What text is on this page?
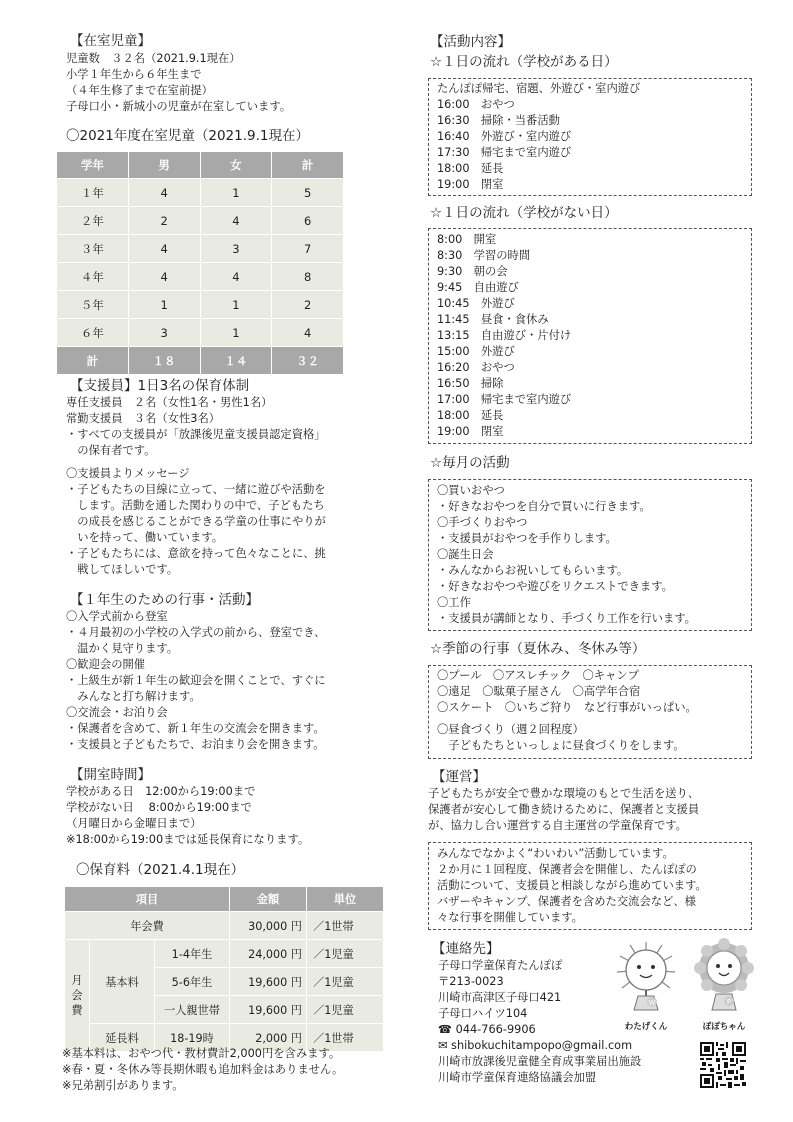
【在室児童】
児童数　３２名（2021.9.1現在）
小学１年生から６年生まで
（４年生修了まで在室前提）
子母口小・新城小の児童が在室しています。
〇2021年度在室児童（2021.9.1現在）
学年	男	女	計
１年	4	1	5
２年	2	4	6
３年	4	3	7
４年	4	4	8
５年	1	1	2
６年	3	1	4
計	１８	１４	３２
【支援員】1日3名の保育体制
専任支援員　２名（女性1名・男性1名）
常勤支援員　３名（女性3名）
・すべての支援員が「放課後児童支援員認定資格」
　の保有者です。
〇支援員よりメッセージ
・子どもたちの目線に立って、一緒に遊びや活動を
　します。活動を通した関わりの中で、子どもたち
　の成長を感じることができる学童の仕事にやりが
　いを持って、働いています。
・子どもたちには、意欲を持って色々なことに、挑
　戦してほしいです。
【１年生のための行事・活動】
〇入学式前から登室
・４月最初の小学校の入学式の前から、登室でき、
　温かく見守ります。
〇歓迎会の開催
・上級生が新１年生の歓迎会を開くことで、すぐに
　みんなと打ち解けます。
〇交流会・お泊り会
・保護者を含めて、新１年生の交流会を開きます。
・支援員と子どもたちで、お泊まり会を開きます。
【開室時間】
学校がある日　12:00から19:00まで
学校がない日　 8:00から19:00まで
（月曜日から金曜日まで）
※18:00から19:00までは延長保育になります。
〇保育料（2021.4.1現在）
項目			金額	単位
年会費			30,000 円	／1世帯
月会費	基本料	1-4年生	24,000 円	／1児童
		5-6年生	19,600 円	／1児童
		一人親世帯	19,600 円	／1児童
	延長料	18-19時	2,000 円	／1世帯
※基本料は、おやつ代・教材費計2,000円を含みます。
※春・夏・冬休み等長期休暇も追加料金はありません。
※兄弟割引があります。
【活動内容】
☆１日の流れ（学校がある日）
たんぽぽ帰宅、宿題、外遊び・室内遊び
16:00　おやつ
16:30　掃除・当番活動
16:40　外遊び・室内遊び
17:30　帰宅まで室内遊び
18:00　延長
19:00　閉室
☆１日の流れ（学校がない日）
8:00　開室
8:30　学習の時間
9:30　朝の会
9:45　自由遊び
10:45　外遊び
11:45　昼食・食休み
13:15　自由遊び・片付け
15:00　外遊び
16:20　おやつ
16:50　掃除
17:00　帰宅まで室内遊び
18:00　延長
19:00　閉室
☆毎月の活動
〇買いおやつ
・好きなおやつを自分で買いに行きます。
〇手づくりおやつ
・支援員がおやつを手作りします。
〇誕生日会
・みんなからお祝いしてもらいます。
・好きなおやつや遊びをリクエストできます。
〇工作
・支援員が講師となり、手づくり工作を行います。
☆季節の行事（夏休み、冬休み等）
〇プール　〇アスレチック　〇キャンプ
〇遠足　〇駄菓子屋さん　〇高学年合宿
〇スケート　〇いちご狩り　など行事がいっぱい。
〇昼食づくり（週２回程度）
　子どもたちといっしょに昼食づくりをします。
【運営】
子どもたちが安全で豊かな環境のもとで生活を送り、
保護者が安心して働き続けるために、保護者と支援員
が、協力し合い運営する自主運営の学童保育です。
みんなでなかよく“わいわい”活動しています。
２か月に１回程度、保護者会を開催し、たんぽぽの
活動について、支援員と相談しながら進めています。
バザーやキャンプ、保護者を含めた交流会など、様
々な行事を開催しています。
【連絡先】
子母口学童保育たんぽぽ
〒213-0023
川崎市高津区子母口421
子母口ハイツ104
☎ 044-766-9906
✉ shibokuchitampopo@gmail.com
川崎市放課後児童健全育成事業届出施設
川崎市学童保育連絡協議会加盟
W
わたげくん
P
ぽぽちゃん
